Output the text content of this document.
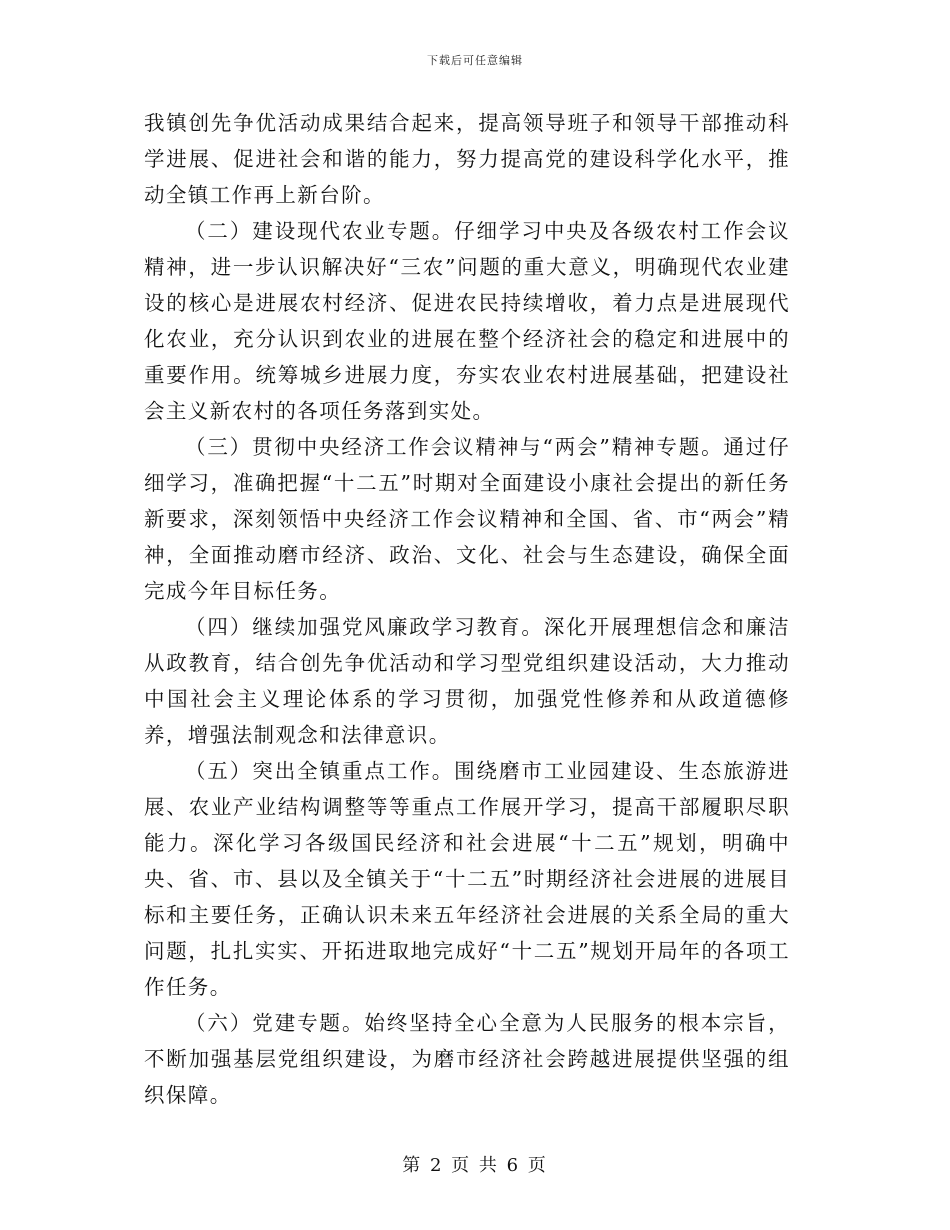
下载后可任意编辑

我镇创先争优活动成果结合起来，提高领导班子和领导干部推动科学进展、促进社会和谐的能力，努力提高党的建设科学化水平，推动全镇工作再上新台阶。

（二）建设现代农业专题。仔细学习中央及各级农村工作会议精神，进一步认识解决好“三农”问题的重大意义，明确现代农业建设的核心是进展农村经济、促进农民持续增收，着力点是进展现代化农业，充分认识到农业的进展在整个经济社会的稳定和进展中的重要作用。统筹城乡进展力度，夯实农业农村进展基础，把建设社会主义新农村的各项任务落到实处。

（三）贯彻中央经济工作会议精神与“两会”精神专题。通过仔细学习，准确把握“十二五”时期对全面建设小康社会提出的新任务新要求，深刻领悟中央经济工作会议精神和全国、省、市“两会”精神，全面推动磨市经济、政治、文化、社会与生态建设，确保全面完成今年目标任务。

（四）继续加强党风廉政学习教育。深化开展理想信念和廉洁从政教育，结合创先争优活动和学习型党组织建设活动，大力推动中国社会主义理论体系的学习贯彻，加强党性修养和从政道德修养，增强法制观念和法律意识。

（五）突出全镇重点工作。围绕磨市工业园建设、生态旅游进展、农业产业结构调整等等重点工作展开学习，提高干部履职尽职能力。深化学习各级国民经济和社会进展“十二五”规划，明确中央、省、市、县以及全镇关于“十二五”时期经济社会进展的进展目标和主要任务，正确认识未来五年经济社会进展的关系全局的重大问题，扎扎实实、开拓进取地完成好“十二五”规划开局年的各项工作任务。

（六）党建专题。始终坚持全心全意为人民服务的根本宗旨，不断加强基层党组织建设，为磨市经济社会跨越进展提供坚强的组织保障。

第 2 页 共 6 页
